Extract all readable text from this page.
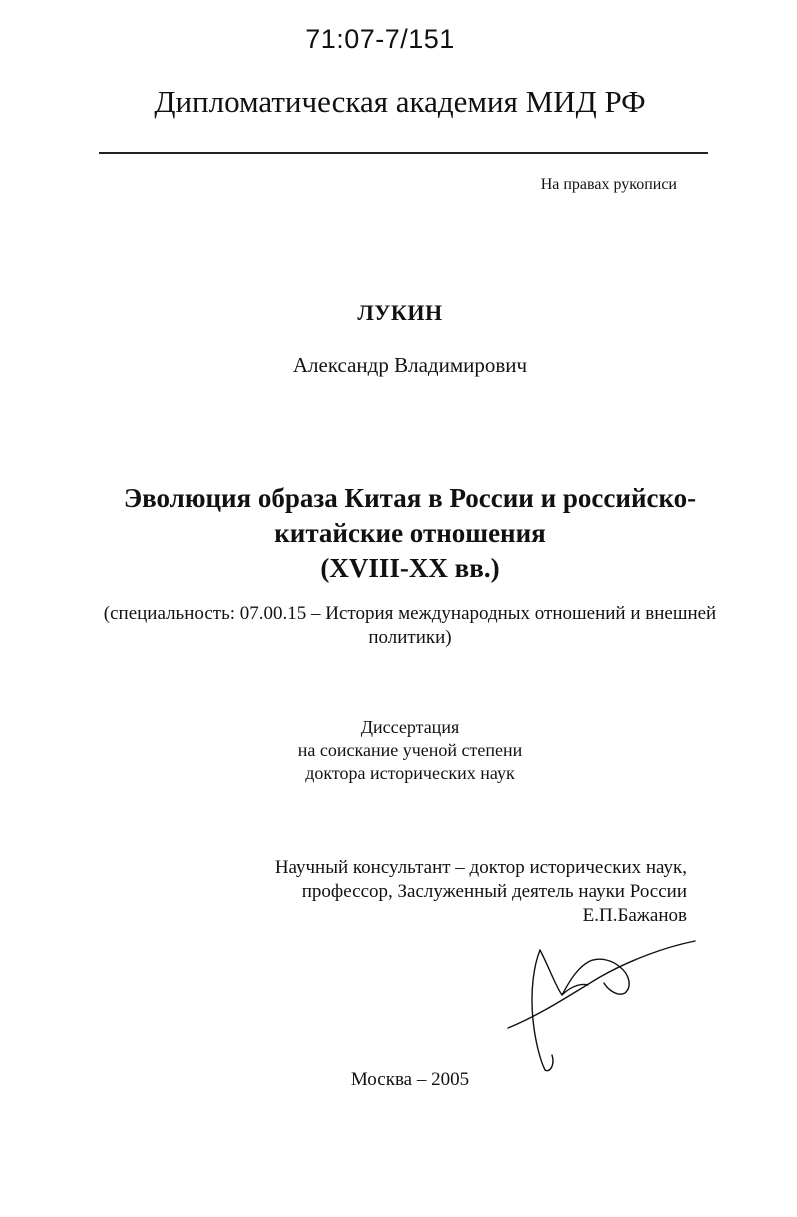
71:07-7/151
Дипломатическая академия МИД РФ
На правах рукописи
ЛУКИН
Александр Владимирович
Эволюция образа Китая в России и российско-
китайские отношения
(XVIII-XX вв.)
(специальность: 07.00.15 – История международных отношений и внешней
политики)
Диссертация
на соискание ученой степени
доктора исторических наук
Научный консультант – доктор исторических наук,
профессор, Заслуженный деятель науки России
Е.П.Бажанов
Москва – 2005
